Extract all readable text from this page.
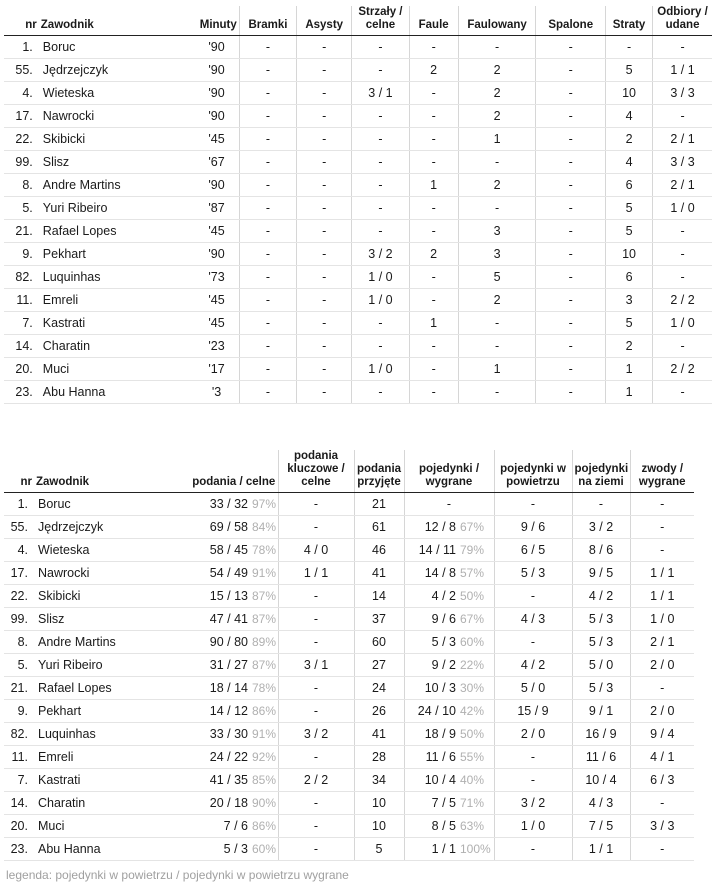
nr	Zawodnik	Minuty	Bramki	Asysty	Strzały / celne	Faule	Faulowany	Spalone	Straty	Odbiory / udane
1.	Boruc	'90	-	-	-	-	-	-	-	-
55.	Jędrzejczyk	'90	-	-	-	2	2	-	5	1 / 1
4.	Wieteska	'90	-	-	3 / 1	-	2	-	10	3 / 3
17.	Nawrocki	'90	-	-	-	-	2	-	4	-
22.	Skibicki	'45	-	-	-	-	1	-	2	2 / 1
99.	Slisz	'67	-	-	-	-	-	-	4	3 / 3
8.	Andre Martins	'90	-	-	-	1	2	-	6	2 / 1
5.	Yuri Ribeiro	'87	-	-	-	-	-	-	5	1 / 0
21.	Rafael Lopes	'45	-	-	-	-	3	-	5	-
9.	Pekhart	'90	-	-	3 / 2	2	3	-	10	-
82.	Luquinhas	'73	-	-	1 / 0	-	5	-	6	-
11.	Emreli	'45	-	-	1 / 0	-	2	-	3	2 / 2
7.	Kastrati	'45	-	-	-	1	-	-	5	1 / 0
14.	Charatin	'23	-	-	-	-	-	-	2	-
20.	Muci	'17	-	-	1 / 0	-	1	-	1	2 / 2
23.	Abu Hanna	'3	-	-	-	-	-	-	1	-
nr	Zawodnik	podania / celne	podania kluczowe / celne	podania przyjęte	pojedynki / wygrane	pojedynki w powietrzu	pojedynki na ziemi	zwody / wygrane
1.	Boruc	33 / 32 97%	-	21	-	-	-	-
55.	Jędrzejczyk	69 / 58 84%	-	61	12 / 8 67%	9 / 6	3 / 2	-
4.	Wieteska	58 / 45 78%	4 / 0	46	14 / 11 79%	6 / 5	8 / 6	-
17.	Nawrocki	54 / 49 91%	1 / 1	41	14 / 8 57%	5 / 3	9 / 5	1 / 1
22.	Skibicki	15 / 13 87%	-	14	4 / 2 50%	-	4 / 2	1 / 1
99.	Slisz	47 / 41 87%	-	37	9 / 6 67%	4 / 3	5 / 3	1 / 0
8.	Andre Martins	90 / 80 89%	-	60	5 / 3 60%	-	5 / 3	2 / 1
5.	Yuri Ribeiro	31 / 27 87%	3 / 1	27	9 / 2 22%	4 / 2	5 / 0	2 / 0
21.	Rafael Lopes	18 / 14 78%	-	24	10 / 3 30%	5 / 0	5 / 3	-
9.	Pekhart	14 / 12 86%	-	26	24 / 10 42%	15 / 9	9 / 1	2 / 0
82.	Luquinhas	33 / 30 91%	3 / 2	41	18 / 9 50%	2 / 0	16 / 9	9 / 4
11.	Emreli	24 / 22 92%	-	28	11 / 6 55%	-	11 / 6	4 / 1
7.	Kastrati	41 / 35 85%	2 / 2	34	10 / 4 40%	-	10 / 4	6 / 3
14.	Charatin	20 / 18 90%	-	10	7 / 5 71%	3 / 2	4 / 3	-
20.	Muci	7 / 6 86%	-	10	8 / 5 63%	1 / 0	7 / 5	3 / 3
23.	Abu Hanna	5 / 3 60%	-	5	1 / 1 100%	-	1 / 1	-
legenda: pojedynki w powietrzu / pojedynki w powietrzu wygrane
